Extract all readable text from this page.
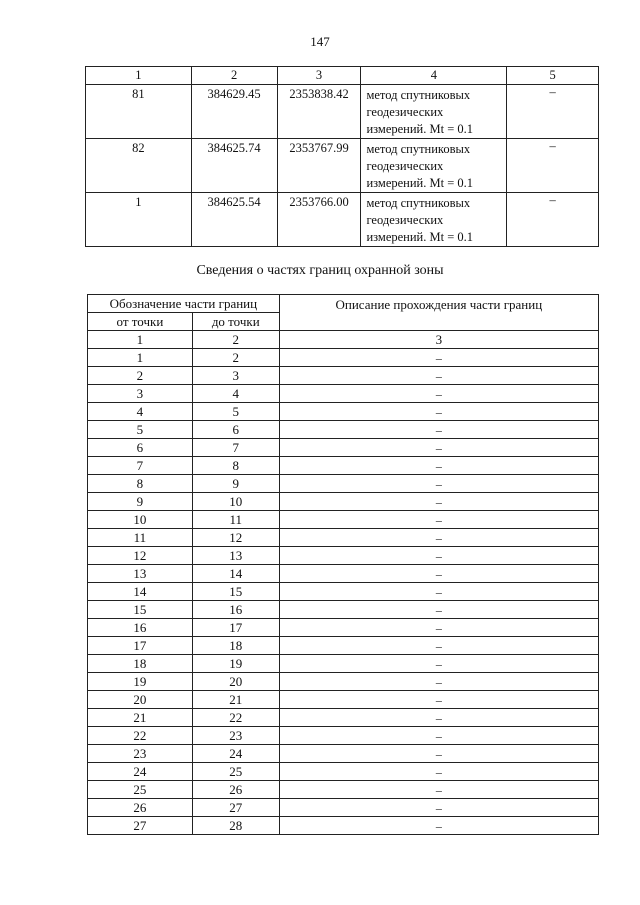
147
1	2	3	4	5
81	384629.45	2353838.42	метод спутниковых
геодезических
измерений. Mt = 0.1	–
82	384625.74	2353767.99	метод спутниковых
геодезических
измерений. Mt = 0.1	–
1	384625.54	2353766.00	метод спутниковых
геодезических
измерений. Mt = 0.1	–
Сведения о частях границ охранной зоны
Обозначение части границ		Описание прохождения части границ
от точки	до точки	
1	2	3
1	2	–
2	3	–
3	4	–
4	5	–
5	6	–
6	7	–
7	8	–
8	9	–
9	10	–
10	11	–
11	12	–
12	13	–
13	14	–
14	15	–
15	16	–
16	17	–
17	18	–
18	19	–
19	20	–
20	21	–
21	22	–
22	23	–
23	24	–
24	25	–
25	26	–
26	27	–
27	28	–
